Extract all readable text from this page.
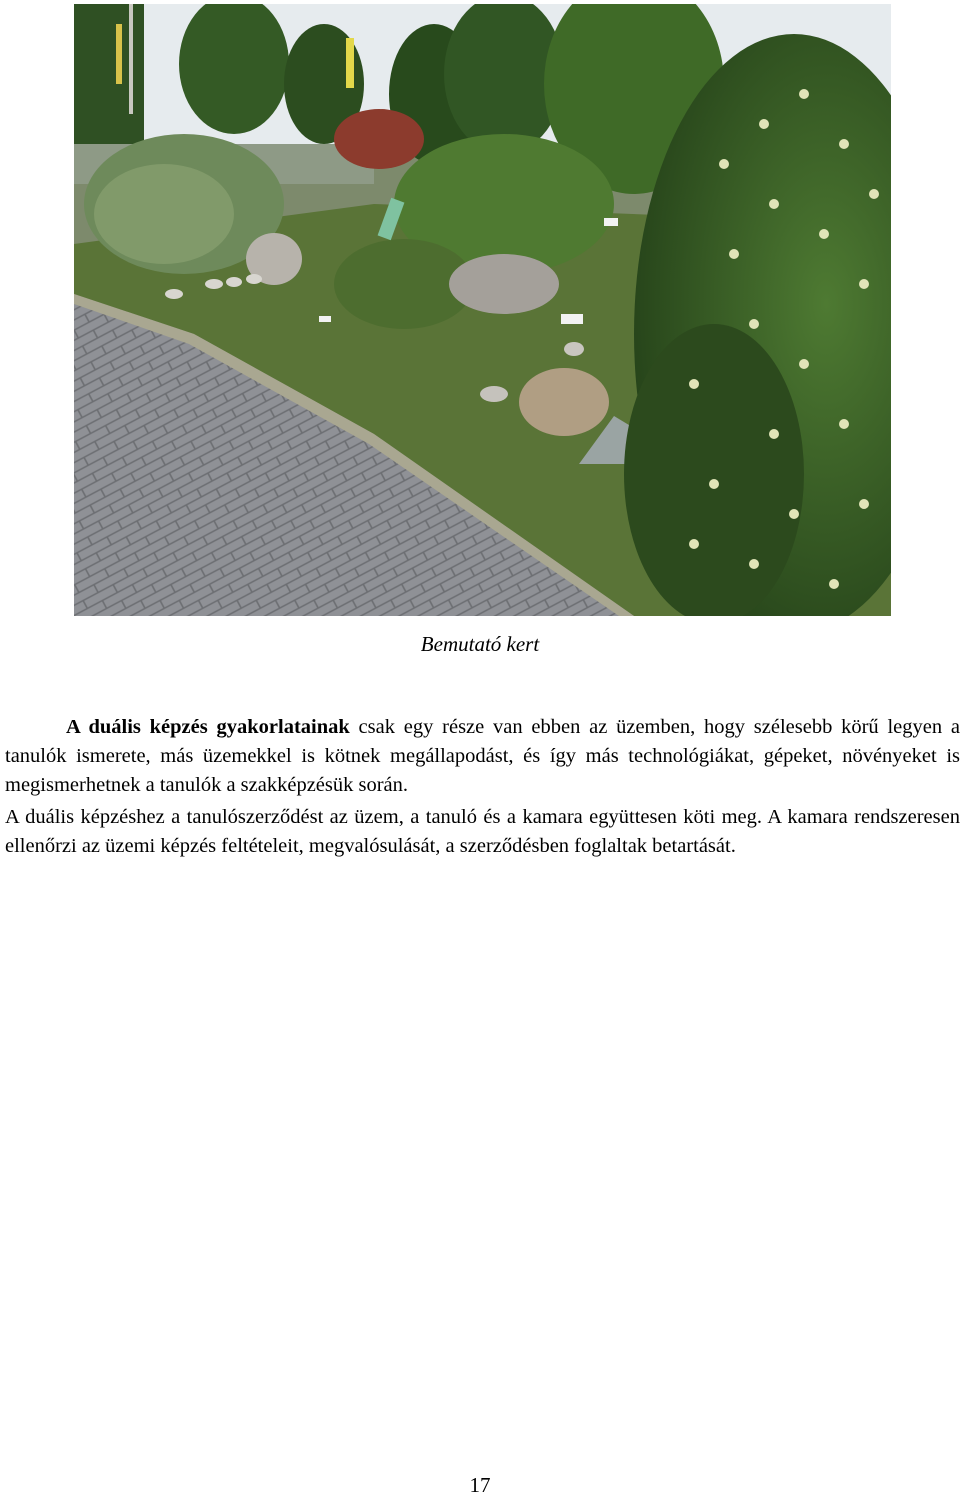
Bemutató kert

A duális képzés gyakorlatainak csak egy része van ebben az üzemben, hogy szélesebb körű legyen a tanulók ismerete, más üzemekkel is kötnek megállapodást, és így más technológiákat, gépeket, növényeket is megismerhetnek a tanulók a szakképzésük során.

A duális képzéshez a tanulószerződést az üzem, a tanuló és a kamara együttesen köti meg. A kamara rendszeresen ellenőrzi az üzemi képzés feltételeit, megvalósulását, a szerződésben foglaltak betartását.

17
